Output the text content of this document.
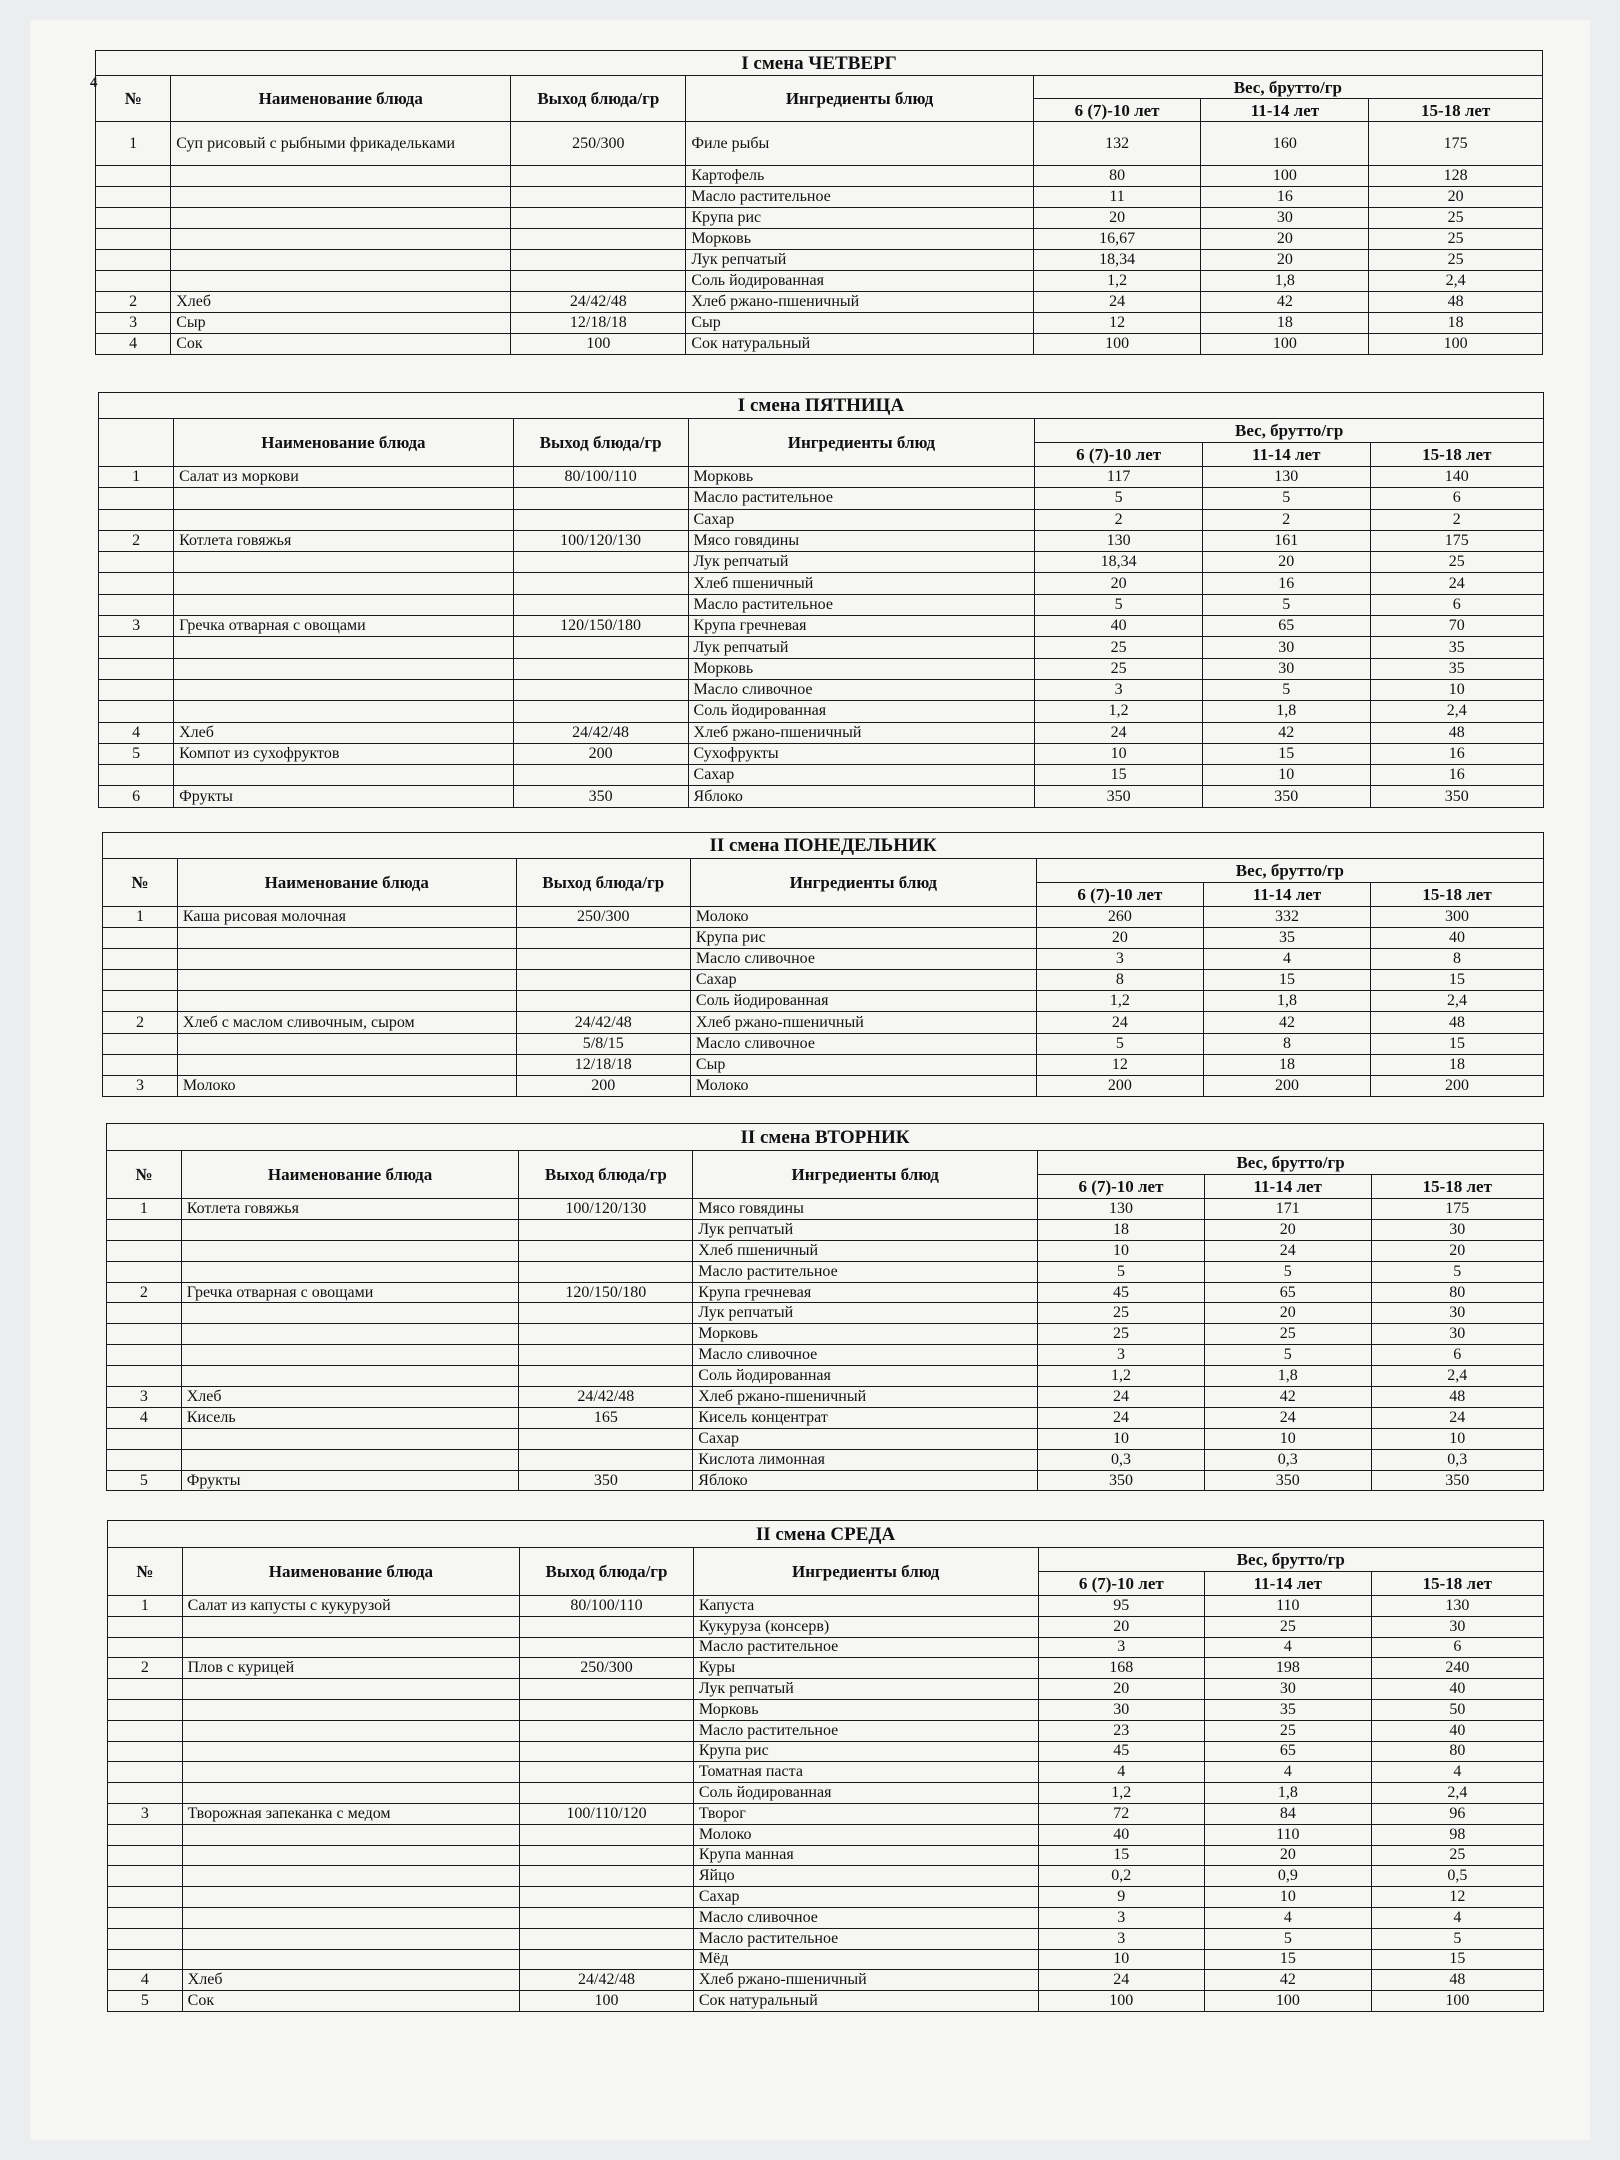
4
I смена ЧЕТВЕРГ						
№	Наименование блюда	Выход блюда/гр	Ингредиенты блюд	Вес, брутто/гр		
				6 (7)-10 лет	11-14 лет	15-18 лет
1	Суп рисовый с рыбными фрикадельками	250/300	Филе рыбы	132	160	175
			Картофель	80	100	128
			Масло растительное	11	16	20
			Крупа рис	20	30	25
			Морковь	16,67	20	25
			Лук репчатый	18,34	20	25
			Соль йодированная	1,2	1,8	2,4
2	Хлеб	24/42/48	Хлеб ржано-пшеничный	24	42	48
3	Сыр	12/18/18	Сыр	12	18	18
4	Сок	100	Сок натуральный	100	100	100
I смена ПЯТНИЦА						
	Наименование блюда	Выход блюда/гр	Ингредиенты блюд	Вес, брутто/гр		
				6 (7)-10 лет	11-14 лет	15-18 лет
1	Салат из моркови	80/100/110	Морковь	117	130	140
			Масло растительное	5	5	6
			Сахар	2	2	2
2	Котлета говяжья	100/120/130	Мясо говядины	130	161	175
			Лук репчатый	18,34	20	25
			Хлеб пшеничный	20	16	24
			Масло растительное	5	5	6
3	Гречка отварная с овощами	120/150/180	Крупа гречневая	40	65	70
			Лук репчатый	25	30	35
			Морковь	25	30	35
			Масло сливочное	3	5	10
			Соль йодированная	1,2	1,8	2,4
4	Хлеб	24/42/48	Хлеб ржано-пшеничный	24	42	48
5	Компот из сухофруктов	200	Сухофрукты	10	15	16
			Сахар	15	10	16
6	Фрукты	350	Яблоко	350	350	350
II смена ПОНЕДЕЛЬНИК						
№	Наименование блюда	Выход блюда/гр	Ингредиенты блюд	Вес, брутто/гр		
				6 (7)-10 лет	11-14 лет	15-18 лет
1	Каша рисовая молочная	250/300	Молоко	260	332	300
			Крупа рис	20	35	40
			Масло сливочное	3	4	8
			Сахар	8	15	15
			Соль йодированная	1,2	1,8	2,4
2	Хлеб с маслом сливочным, сыром	24/42/48	Хлеб ржано-пшеничный	24	42	48
		5/8/15	Масло сливочное	5	8	15
		12/18/18	Сыр	12	18	18
3	Молоко	200	Молоко	200	200	200
II смена ВТОРНИК						
№	Наименование блюда	Выход блюда/гр	Ингредиенты блюд	Вес, брутто/гр		
				6 (7)-10 лет	11-14 лет	15-18 лет
1	Котлета говяжья	100/120/130	Мясо говядины	130	171	175
			Лук репчатый	18	20	30
			Хлеб пшеничный	10	24	20
			Масло растительное	5	5	5
2	Гречка отварная с овощами	120/150/180	Крупа гречневая	45	65	80
			Лук репчатый	25	20	30
			Морковь	25	25	30
			Масло сливочное	3	5	6
			Соль йодированная	1,2	1,8	2,4
3	Хлеб	24/42/48	Хлеб ржано-пшеничный	24	42	48
4	Кисель	165	Кисель концентрат	24	24	24
			Сахар	10	10	10
			Кислота лимонная	0,3	0,3	0,3
5	Фрукты	350	Яблоко	350	350	350
II смена СРЕДА						
№	Наименование блюда	Выход блюда/гр	Ингредиенты блюд	Вес, брутто/гр		
				6 (7)-10 лет	11-14 лет	15-18 лет
1	Салат из капусты с кукурузой	80/100/110	Капуста	95	110	130
			Кукуруза (консерв)	20	25	30
			Масло растительное	3	4	6
2	Плов с курицей	250/300	Куры	168	198	240
			Лук репчатый	20	30	40
			Морковь	30	35	50
			Масло растительное	23	25	40
			Крупа рис	45	65	80
			Томатная паста	4	4	4
			Соль йодированная	1,2	1,8	2,4
3	Творожная запеканка с медом	100/110/120	Творог	72	84	96
			Молоко	40	110	98
			Крупа манная	15	20	25
			Яйцо	0,2	0,9	0,5
			Сахар	9	10	12
			Масло сливочное	3	4	4
			Масло растительное	3	5	5
			Мёд	10	15	15
4	Хлеб	24/42/48	Хлеб ржано-пшеничный	24	42	48
5	Сок	100	Сок натуральный	100	100	100
